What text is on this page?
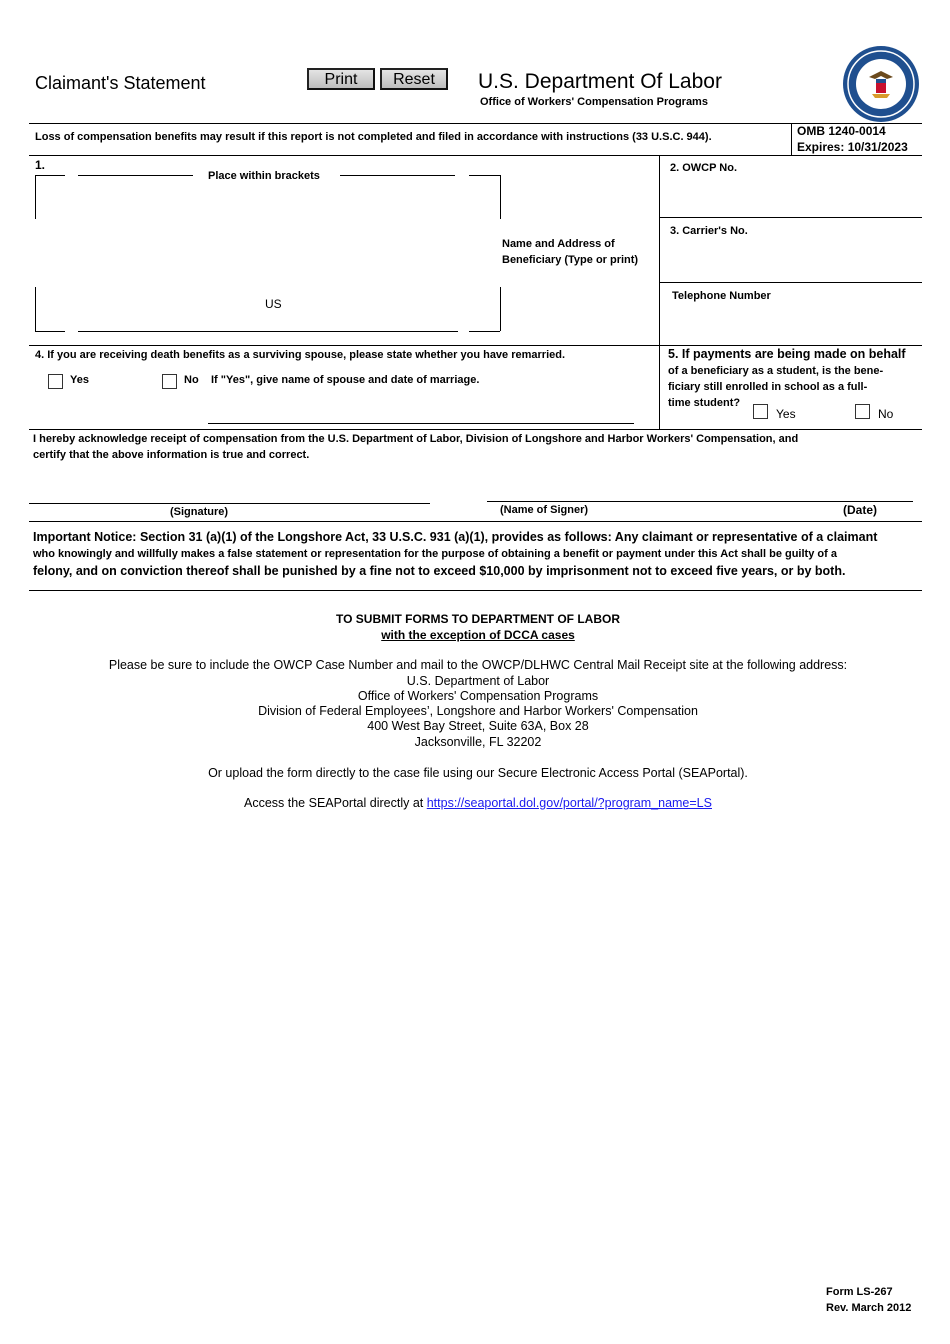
Claimant's Statement	Print	Reset	U.S. Department Of Labor
Office of Workers' Compensation Programs
Loss of compensation benefits may result if this report is not completed and filed in accordance with instructions (33 U.S.C. 944).	OMB 1240-0014
Expires: 10/31/2023
1.
Place within brackets
US
Name and Address of Beneficiary (Type or print)
2. OWCP No.
3. Carrier's No.
Telephone Number
4. If you are receiving death benefits as a surviving spouse, please state whether you have remarried.
Yes	No If "Yes", give name of spouse and date of marriage.
5. If payments are being made on behalf
of a beneficiary as a student, is the bene-
ficiary still enrolled in school as a full-
time student?
Yes	No
I hereby acknowledge receipt of compensation from the U.S. Department of Labor, Division of Longshore and Harbor Workers' Compensation, and
certify that the above information is true and correct.
(Signature)	(Name of Signer)	(Date)
Important Notice: Section 31 (a)(1) of the Longshore Act, 33 U.S.C. 931 (a)(1), provides as follows: Any claimant or representative of a claimant
who knowingly and willfully makes a false statement or representation for the purpose of obtaining a benefit or payment under this Act shall be guilty of a
felony, and on conviction thereof shall be punished by a fine not to exceed $10,000 by imprisonment not to exceed five years, or by both.
TO SUBMIT FORMS TO DEPARTMENT OF LABOR
with the exception of DCCA cases
Please be sure to include the OWCP Case Number and mail to the OWCP/DLHWC Central Mail Receipt site at the following address:
U.S. Department of Labor
Office of Workers' Compensation Programs
Division of Federal Employees’, Longshore and Harbor Workers' Compensation
400 West Bay Street, Suite 63A, Box 28
Jacksonville, FL 32202
Or upload the form directly to the case file using our Secure Electronic Access Portal (SEAPortal).
Access the SEAPortal directly at https://seaportal.dol.gov/portal/?program_name=LS
Form LS-267
Rev. March 2012
